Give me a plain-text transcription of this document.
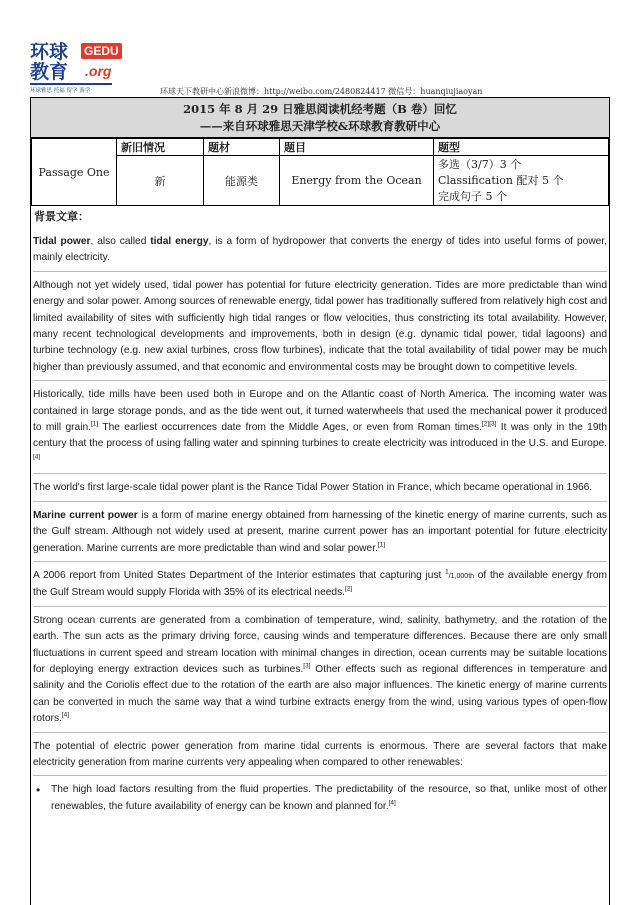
环球
教育
GEDU
.org
环球雅思 托福 留学 游学	环球天下教研中心新浪微博：http://weibo.com/2480824417 微信号：huanqiujiaoyan
2015 年 8 月 29 日雅思阅读机经考题（B 卷）回忆
——来自环球雅思天津学校&环球教育教研中心
Passage One	新旧情况	题材	题目	题型
	新	能源类	Energy from the Ocean	多选（3/7）3 个
Classification 配对 5 个
完成句子 5 个
背景文章：

Tidal power, also called tidal energy, is a form of hydropower that converts the energy of tides into useful forms of power, mainly electricity.

Although not yet widely used, tidal power has potential for future electricity generation. Tides are more predictable than wind energy and solar power. Among sources of renewable energy, tidal power has traditionally suffered from relatively high cost and limited availability of sites with sufficiently high tidal ranges or flow velocities, thus constricting its total availability. However, many recent technological developments and improvements, both in design (e.g. dynamic tidal power, tidal lagoons) and turbine technology (e.g. new axial turbines, cross flow turbines), indicate that the total availability of tidal power may be much higher than previously assumed, and that economic and environmental costs may be brought down to competitive levels.

Historically, tide mills have been used both in Europe and on the Atlantic coast of North America. The incoming water was contained in large storage ponds, and as the tide went out, it turned waterwheels that used the mechanical power it produced to mill grain.[1] The earliest occurrences date from the Middle Ages, or even from Roman times.[2][3] It was only in the 19th century that the process of using falling water and spinning turbines to create electricity was introduced in the U.S. and Europe.[4]

The world's first large-scale tidal power plant is the Rance Tidal Power Station in France, which became operational in 1966.

Marine current power is a form of marine energy obtained from harnessing of the kinetic energy of marine currents, such as the Gulf stream. Although not widely used at present, marine current power has an important potential for future electricity generation. Marine currents are more predictable than wind and solar power.[1]

A 2006 report from United States Department of the Interior estimates that capturing just $^1$/1,000th of the available energy from the Gulf Stream would supply Florida with 35% of its electrical needs.[2]

Strong ocean currents are generated from a combination of temperature, wind, salinity, bathymetry, and the rotation of the earth. The sun acts as the primary driving force, causing winds and temperature differences. Because there are only small fluctuations in current speed and stream location with minimal changes in direction, ocean currents may be suitable locations for deploying energy extraction devices such as turbines.[3] Other effects such as regional differences in temperature and salinity and the Coriolis effect due to the rotation of the earth are also major influences. The kinetic energy of marine currents can be converted in much the same way that a wind turbine extracts energy from the wind, using various types of open-flow rotors.[4]

The potential of electric power generation from marine tidal currents is enormous. There are several factors that make electricity generation from marine currents very appealing when compared to other renewables:

• The high load factors resulting from the fluid properties. The predictability of the resource, so that, unlike most of other renewables, the future availability of energy can be known and planned for.[4]
